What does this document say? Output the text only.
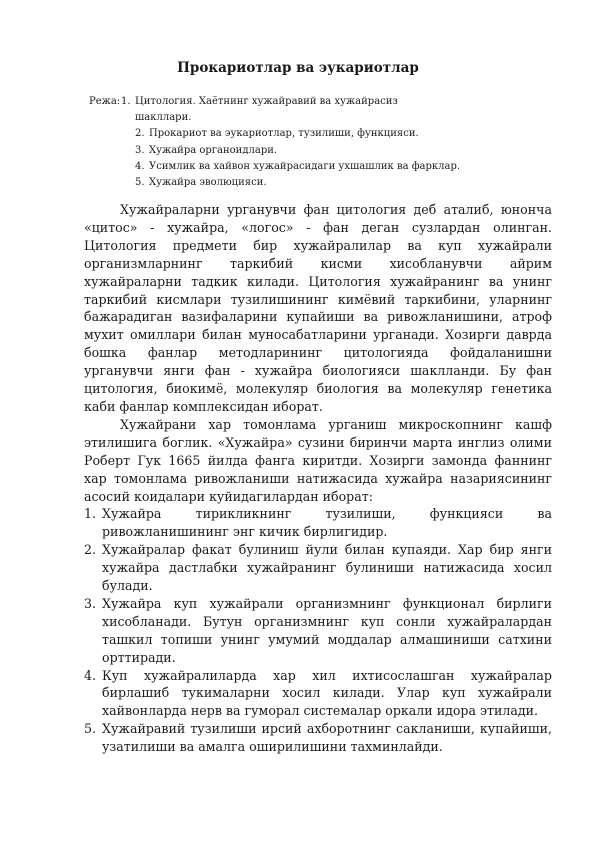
Прокариотлар ва эукариотлар
Режа: 1. Цитология. Хаётнинг хужайравий ва хужайрасиз шакллари.
2. Прокариот ва эукариотлар, тузилиши, функцияси.
3. Хужайра органоидлари.
4. Усимлик ва хайвон хужайрасидаги ухшашлик ва фарклар.
5. Хужайра эволюцияси.

Хужайраларни урганувчи фан цитология деб аталиб, юнонча «цитос» - хужайра, «логос» - фан деган сузлардан олинган. Цитология предмети бир хужайралилар ва куп хужайрали организмларнинг таркибий кисми хисобланувчи айрим хужайраларни тадкик килади. Цитология хужайранинг ва унинг таркибий кисмлари тузилишининг кимёвий таркибини, уларнинг бажарадиган вазифаларини купайиши ва ривожланишини, атроф мухит омиллари билан муносабатларини урганади. Хозирги даврда бошка фанлар методларининг цитологияда фойдаланишни урганувчи янги фан - хужайра биологияси шаклланди. Бу фан цитология, биокимё, молекуляр биология ва молекуляр генетика каби фанлар комплексидан иборат.

Хужайрани хар томонлама урганиш микроскопнинг кашф этилишига боглик. «Хужайра» сузини биринчи марта инглиз олими Роберт Гук 1665 йилда фанга киритди. Хозирги замонда фаннинг хар томонлама ривожланиши натижасида хужайра назариясининг асосий коидалари куйидагилардан иборат:

1. Хужайра тирикликнинг тузилиши, функцияси ва ривожланишининг энг кичик бирлигидир.
2. Хужайралар факат булиниш йули билан купаяди. Хар бир янги хужайра дастлабки хужайранинг булиниши натижасида хосил булади.
3. Хужайра куп хужайрали организмнинг функционал бирлиги хисобланади. Бутун организмнинг куп сонли хужайралардан ташкил топиши унинг умумий моддалар алмашиниши сатхини орттиради.
4. Куп хужайралиларда хар хил ихтисослашган хужайралар бирлашиб тукималарни хосил килади. Улар куп хужайрали хайвонларда нерв ва гуморал системалар оркали идора этилади.
5. Хужайравий тузилиши ирсий ахборотнинг сакланиши, купайиши, узатилиши ва амалга оширилишини тахминлайди.
